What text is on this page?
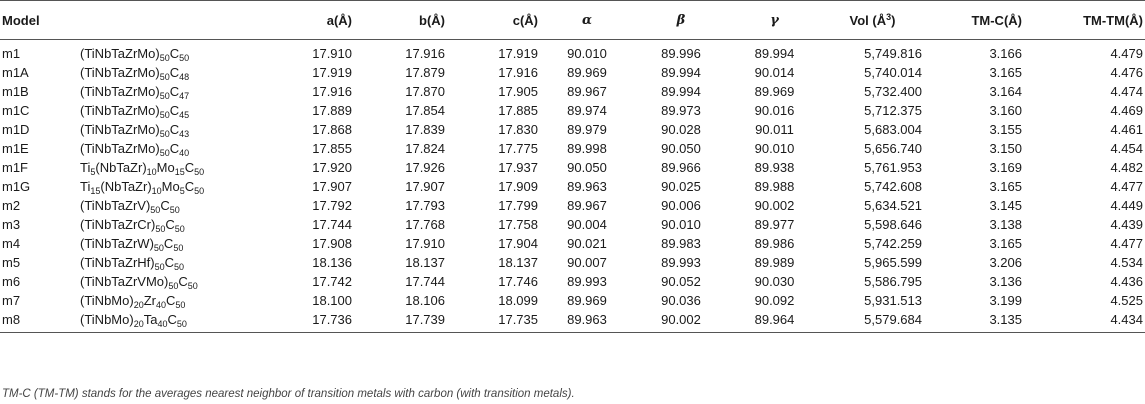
Model		a(Å)	b(Å)	c(Å)	α	β	γ	Vol $(Å^3)$	TM-C(Å)	TM-TM(Å)
m1	$(TiNbTaZrMo)_{50}C_{50}$	17.910	17.916	17.919	90.010	89.996	89.994	5,749.816	3.166	4.479
m1A	$(TiNbTaZrMo)_{50}C_{48}$	17.919	17.879	17.916	89.969	89.994	90.014	5,740.014	3.165	4.476
m1B	$(TiNbTaZrMo)_{50}C_{47}$	17.916	17.870	17.905	89.967	89.994	89.969	5,732.400	3.164	4.474
m1C	$(TiNbTaZrMo)_{50}C_{45}$	17.889	17.854	17.885	89.974	89.973	90.016	5,712.375	3.160	4.469
m1D	$(TiNbTaZrMo)_{50}C_{43}$	17.868	17.839	17.830	89.979	90.028	90.011	5,683.004	3.155	4.461
m1E	$(TiNbTaZrMo)_{50}C_{40}$	17.855	17.824	17.775	89.998	90.050	90.010	5,656.740	3.150	4.454
m1F	$Ti_5(NbTaZr)_{10}Mo_{15}C_{50}$	17.920	17.926	17.937	90.050	89.966	89.938	5,761.953	3.169	4.482
m1G	$Ti_{15}(NbTaZr)_{10}Mo_5C_{50}$	17.907	17.907	17.909	89.963	90.025	89.988	5,742.608	3.165	4.477
m2	$(TiNbTaZrV)_{50}C_{50}$	17.792	17.793	17.799	89.967	90.006	90.002	5,634.521	3.145	4.449
m3	$(TiNbTaZrCr)_{50}C_{50}$	17.744	17.768	17.758	90.004	90.010	89.977	5,598.646	3.138	4.439
m4	$(TiNbTaZrW)_{50}C_{50}$	17.908	17.910	17.904	90.021	89.983	89.986	5,742.259	3.165	4.477
m5	$(TiNbTaZrHf)_{50}C_{50}$	18.136	18.137	18.137	90.007	89.993	89.989	5,965.599	3.206	4.534
m6	$(TiNbTaZrVMo)_{50}C_{50}$	17.742	17.744	17.746	89.993	90.052	90.030	5,586.795	3.136	4.436
m7	$(TiNbMo)_{20}Zr_{40}C_{50}$	18.100	18.106	18.099	89.969	90.036	90.092	5,931.513	3.199	4.525
m8	$(TiNbMo)_{20}Ta_{40}C_{50}$	17.736	17.739	17.735	89.963	90.002	89.964	5,579.684	3.135	4.434
TM-C (TM-TM) stands for the averages nearest neighbor of transition metals with carbon (with transition metals).
